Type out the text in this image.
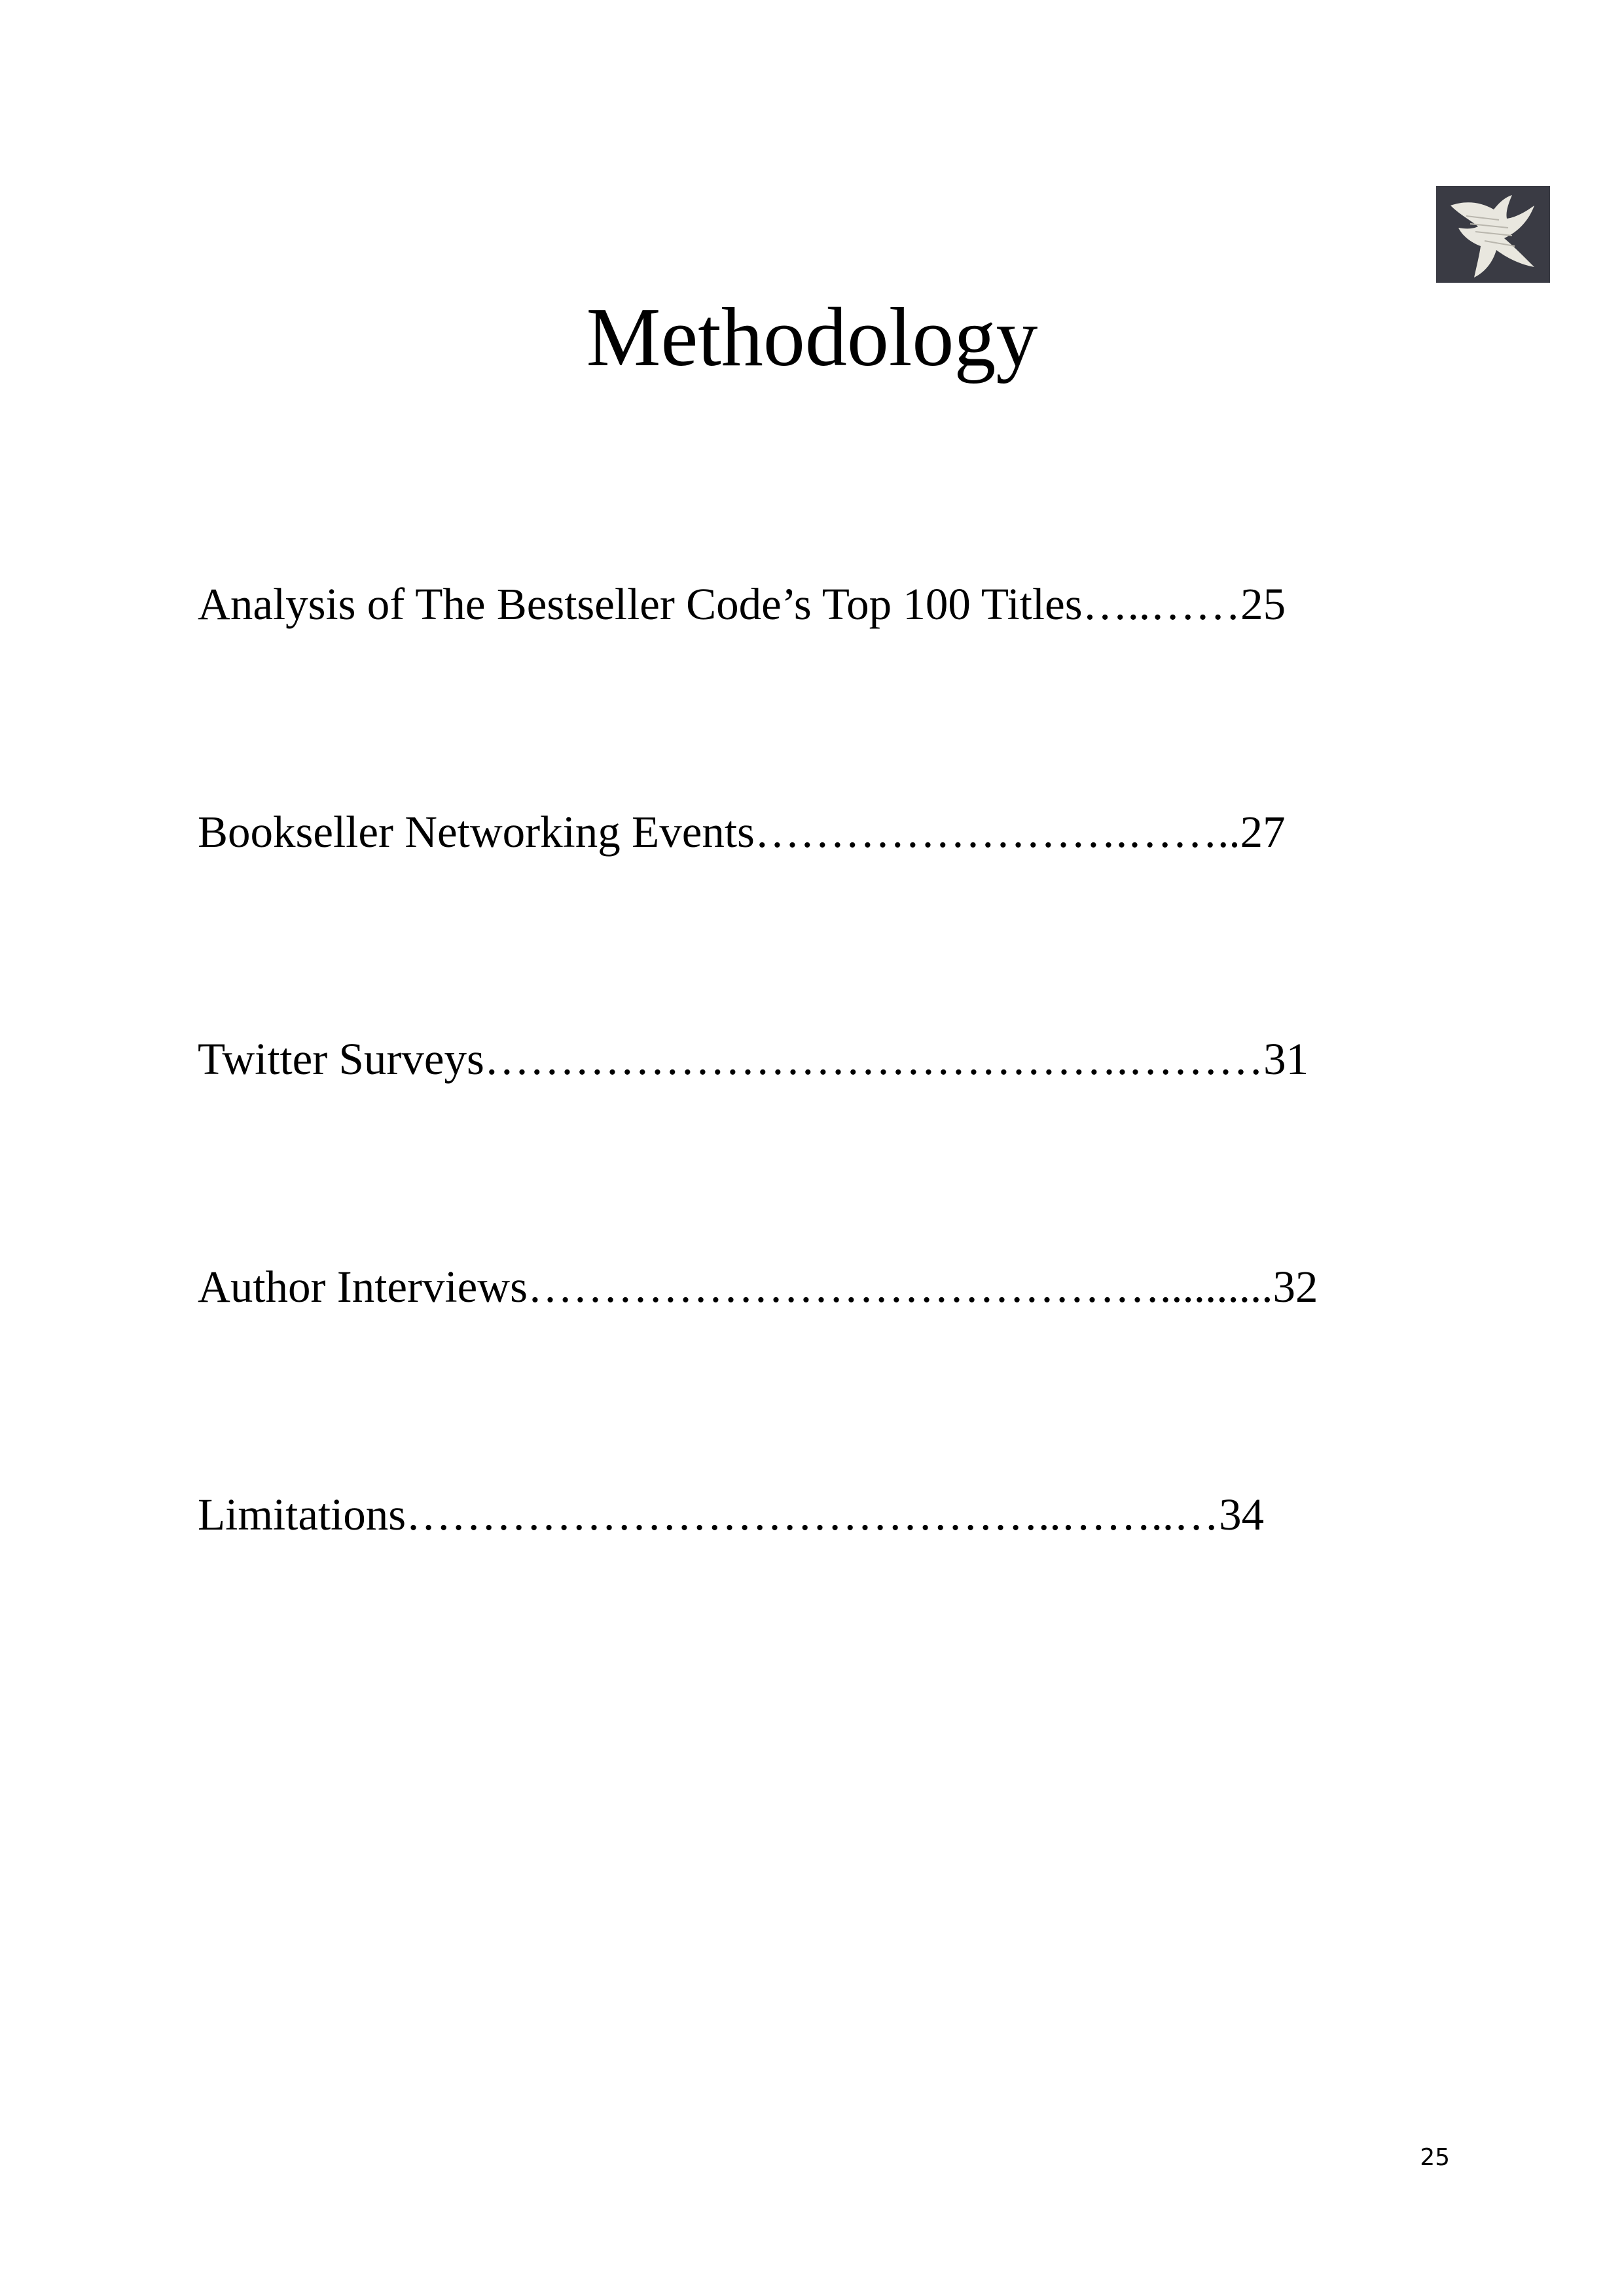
Methodology
Analysis of The Bestseller Code’s Top 100 Titles…..……25
Bookseller Networking Events…………………….……..27
Twitter Surveys…………………………………….………31
Author Interviews……………………………………..........32
Limitations……………………………………..……..…34
25
